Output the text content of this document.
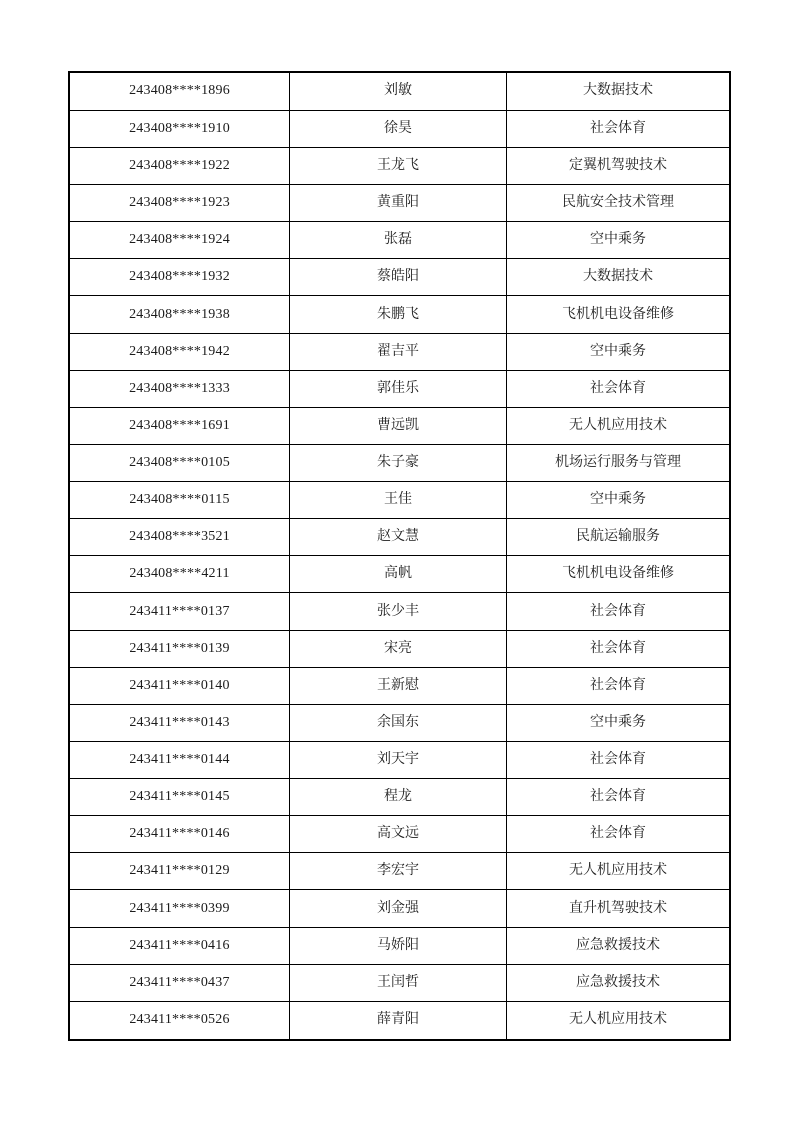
243408****1896	刘敏	大数据技术
243408****1910	徐昊	社会体育
243408****1922	王龙飞	定翼机驾驶技术
243408****1923	黄重阳	民航安全技术管理
243408****1924	张磊	空中乘务
243408****1932	蔡皓阳	大数据技术
243408****1938	朱鹏飞	飞机机电设备维修
243408****1942	翟吉平	空中乘务
243408****1333	郭佳乐	社会体育
243408****1691	曹远凯	无人机应用技术
243408****0105	朱子豪	机场运行服务与管理
243408****0115	王佳	空中乘务
243408****3521	赵文慧	民航运输服务
243408****4211	高帆	飞机机电设备维修
243411****0137	张少丰	社会体育
243411****0139	宋亮	社会体育
243411****0140	王新慰	社会体育
243411****0143	余国东	空中乘务
243411****0144	刘天宇	社会体育
243411****0145	程龙	社会体育
243411****0146	高文远	社会体育
243411****0129	李宏宇	无人机应用技术
243411****0399	刘金强	直升机驾驶技术
243411****0416	马娇阳	应急救援技术
243411****0437	王闰哲	应急救援技术
243411****0526	薛青阳	无人机应用技术
